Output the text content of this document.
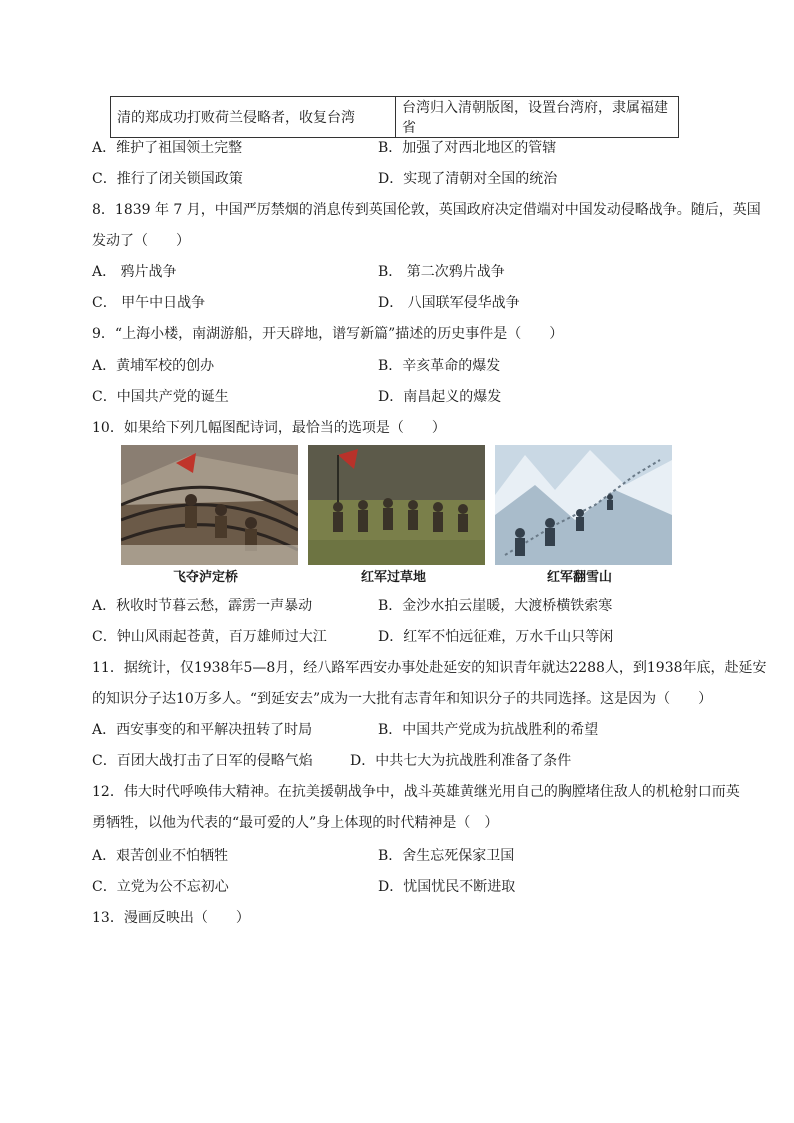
清的郑成功打败荷兰侵略者，收复台湾	台湾归入清朝版图，设置台湾府，隶属福建省
A．维护了祖国领土完整	B．加强了对西北地区的管辖
C．推行了闭关锁国政策	D．实现了清朝对全国的统治
8．1839 年 7 月，中国严厉禁烟的消息传到英国伦敦，英国政府决定借端对中国发动侵略战争。随后，英国
发动了（　　）
A． 鸦片战争	B． 第二次鸦片战争
C． 甲午中日战争	D． 八国联军侵华战争
9．“上海小楼，南湖游船，开天辟地，谱写新篇”描述的历史事件是（　　）
A．黄埔军校的创办	B．辛亥革命的爆发
C．中国共产党的诞生	D．南昌起义的爆发
10．如果给下列几幅图配诗词，最恰当的选项是（　　）
飞夺泸定桥	红军过草地	红军翻雪山
A．秋收时节暮云愁，霹雳一声暴动	B．金沙水拍云崖暖，大渡桥横铁索寒
C．钟山风雨起苍黄，百万雄师过大江	D．红军不怕远征难，万水千山只等闲
11．据统计，仅1938年5—8月，经八路军西安办事处赴延安的知识青年就达2288人，到1938年底，赴延安
的知识分子达10万多人。“到延安去”成为一大批有志青年和知识分子的共同选择。这是因为（　　）
A．西安事变的和平解决扭转了时局	B．中国共产党成为抗战胜利的希望
C．百团大战打击了日军的侵略气焰	D．中共七大为抗战胜利准备了条件
12．伟大时代呼唤伟大精神。在抗美援朝战争中，战斗英雄黄继光用自己的胸膛堵住敌人的机枪射口而英
勇牺牲，以他为代表的“最可爱的人”身上体现的时代精神是（　）
A．艰苦创业不怕牺牲	B．舍生忘死保家卫国
C．立党为公不忘初心	D．忧国忧民不断进取
13．漫画反映出（　　）
